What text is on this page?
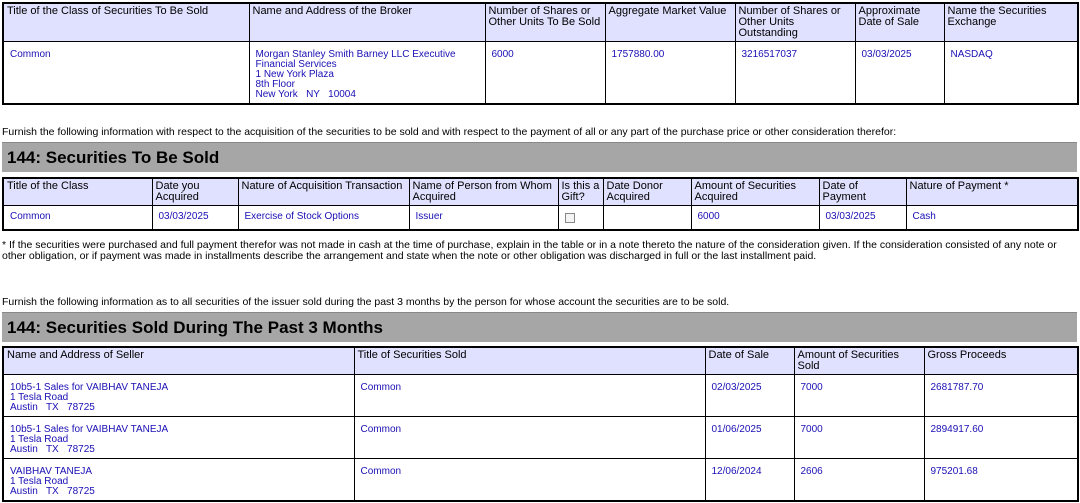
Title of the Class of Securities To Be Sold	Name and Address of the Broker	Number of Shares or Other Units To Be Sold	Aggregate Market Value	Number of Shares or Other Units Outstanding	Approximate Date of Sale	Name the Securities Exchange
Common	Morgan Stanley Smith Barney LLC Executive
Financial Services
1 New York Plaza
8th Floor
New York   NY   10004	6000	1757880.00	3216517037	03/03/2025	NASDAQ
Furnish the following information with respect to the acquisition of the securities to be sold and with respect to the payment of all or any part of the purchase price or other consideration therefor:
144: Securities To Be Sold
Title of the Class	Date you Acquired	Nature of Acquisition Transaction	Name of Person from Whom Acquired	Is this a Gift?	Date Donor Acquired	Amount of Securities Acquired	Date of Payment	Nature of Payment *
Common	03/03/2025	Exercise of Stock Options	Issuer			6000	03/03/2025	Cash
* If the securities were purchased and full payment therefor was not made in cash at the time of purchase, explain in the table or in a note thereto the nature of the consideration given. If the consideration consisted of any note or other obligation, or if payment was made in installments describe the arrangement and state when the note or other obligation was discharged in full or the last installment paid.
Furnish the following information as to all securities of the issuer sold during the past 3 months by the person for whose account the securities are to be sold.
144: Securities Sold During The Past 3 Months
Name and Address of Seller	Title of Securities Sold	Date of Sale	Amount of Securities Sold	Gross Proceeds

10b5-1 Sales for VAIBHAV TANEJA
1 Tesla Road
Austin   TX   78725	Common	02/03/2025	7000	2681787.70

10b5-1 Sales for VAIBHAV TANEJA
1 Tesla Road
Austin   TX   78725	Common	01/06/2025	7000	2894917.60

VAIBHAV TANEJA
1 Tesla Road
Austin   TX   78725	Common	12/06/2024	2606	975201.68
